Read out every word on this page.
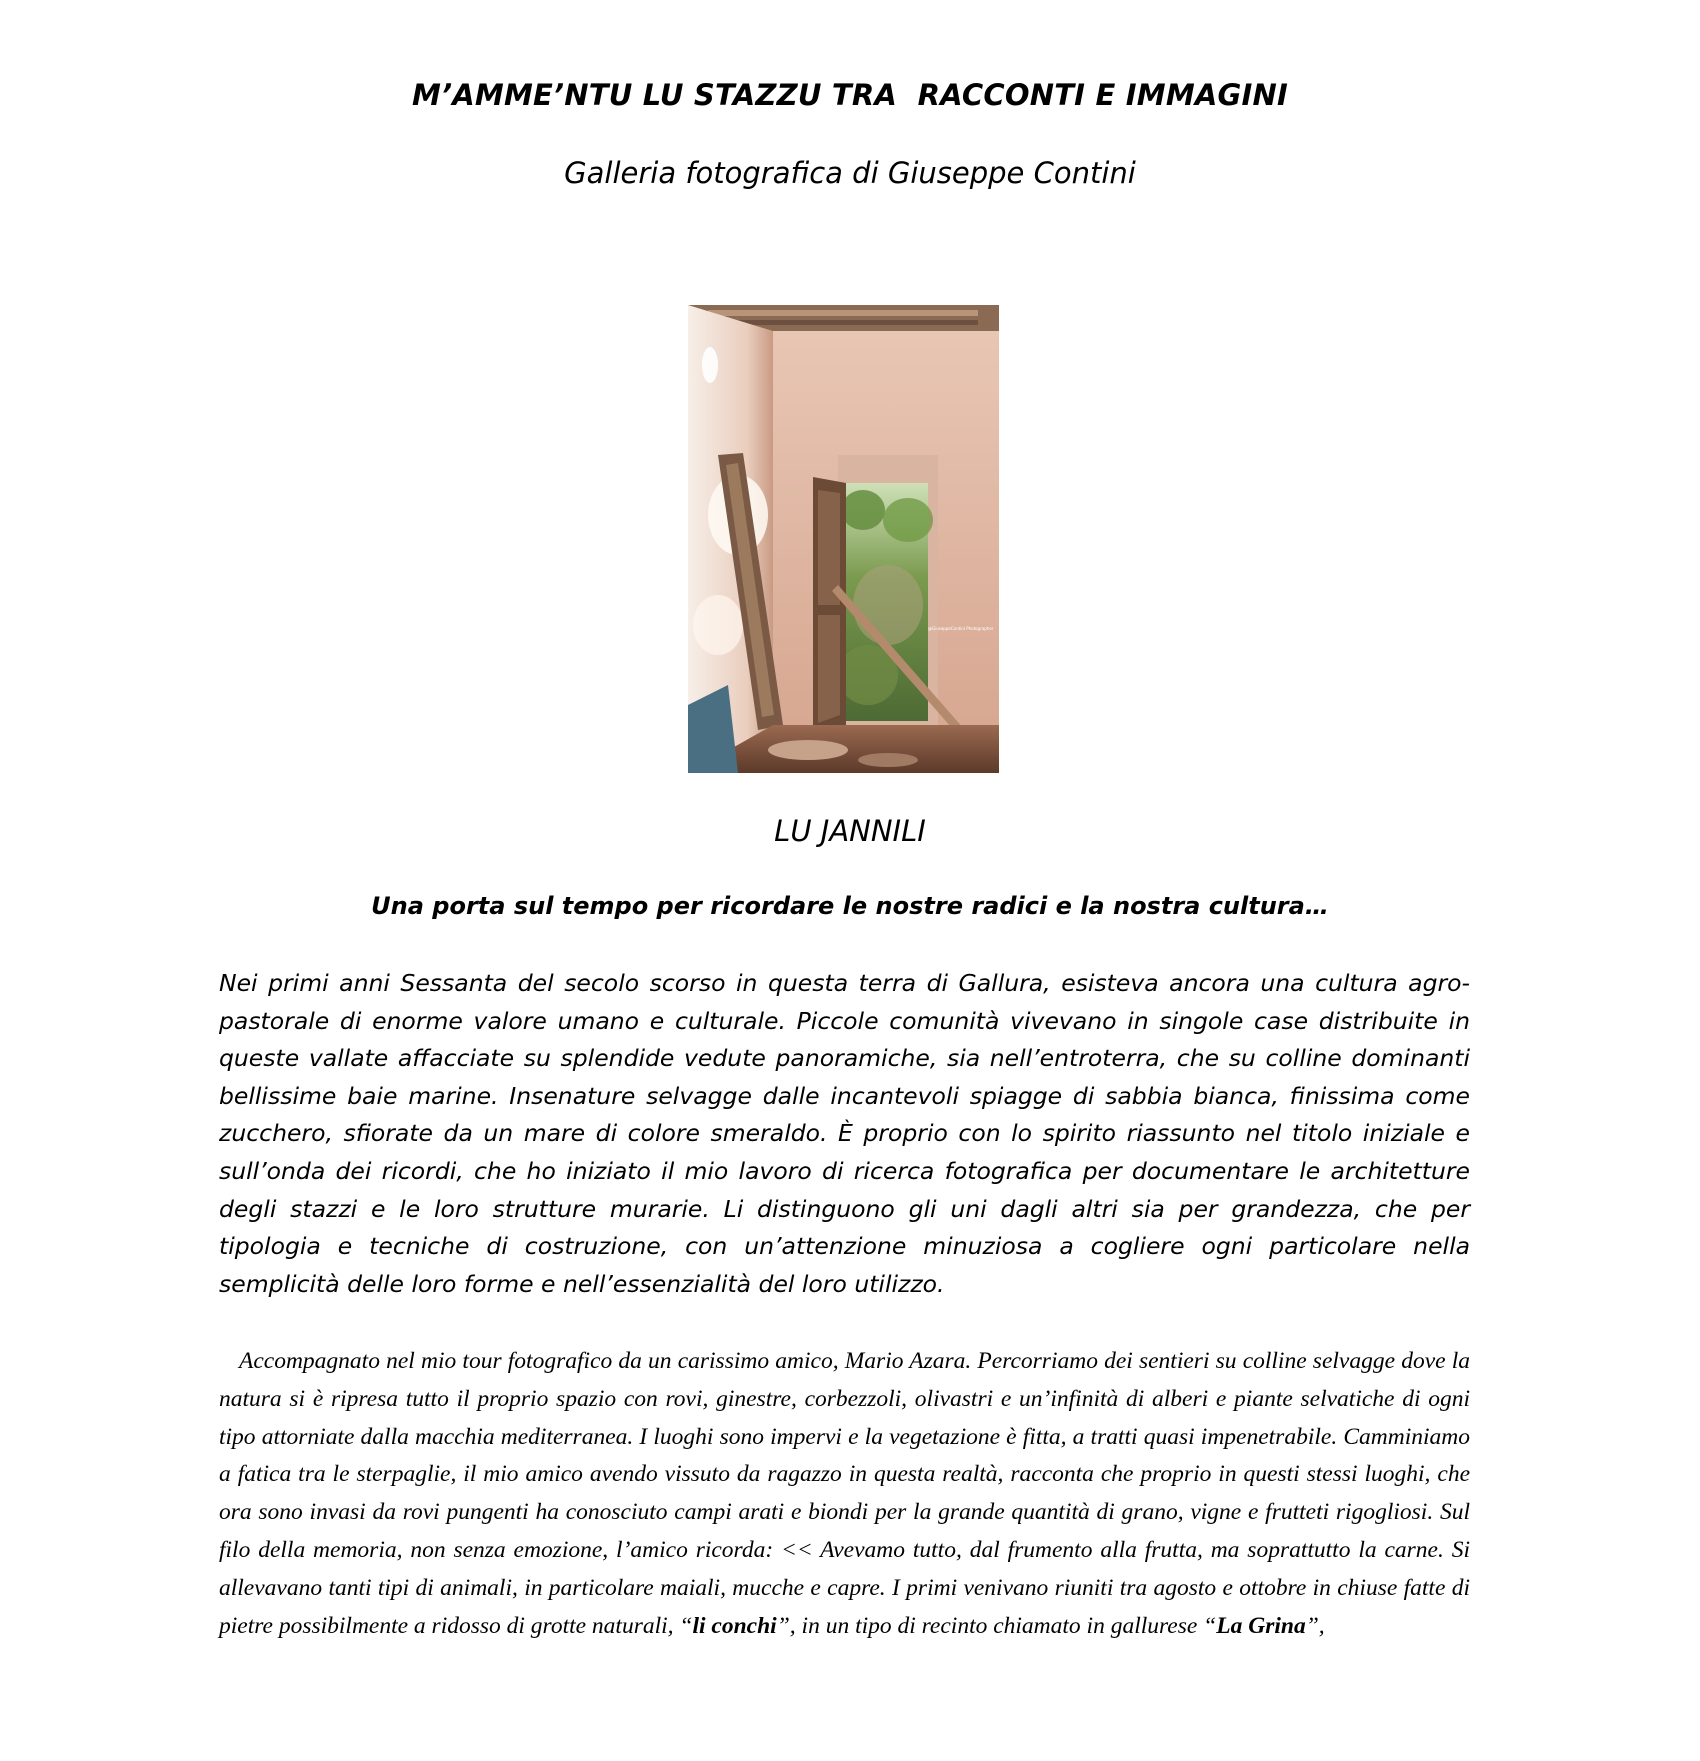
M’AMME’NTU LU STAZZU TRA  RACCONTI E IMMAGINI
Galleria fotografica di Giuseppe Contini
@GiuseppeContini Photographer
LU JANNILI
Una porta sul tempo per ricordare le nostre radici e la nostra cultura…

Nei primi anni Sessanta del secolo scorso in questa terra di Gallura, esisteva ancora una cultura agro-pastorale di enorme valore umano e culturale. Piccole comunità vivevano in singole case distribuite in queste vallate affacciate su splendide vedute panoramiche, sia nell’entroterra, che su colline dominanti bellissime baie marine. Insenature selvagge dalle incantevoli spiagge di sabbia bianca, finissima come zucchero, sfiorate da un mare di colore smeraldo. È proprio con lo spirito riassunto nel titolo iniziale e sull’onda dei ricordi, che ho iniziato il mio lavoro di ricerca fotografica per documentare le architetture degli stazzi e le loro strutture murarie. Li distinguono gli uni dagli altri sia per grandezza, che per tipologia e tecniche di costruzione, con un’attenzione minuziosa a cogliere ogni particolare nella semplicità delle loro forme e nell’essenzialità del loro utilizzo.

Accompagnato nel mio tour fotografico da un carissimo amico, Mario Azara. Percorriamo dei sentieri su colline selvagge dove la natura si è ripresa tutto il proprio spazio con rovi, ginestre, corbezzoli, olivastri e un’infinità di alberi e piante selvatiche di ogni tipo attorniate dalla macchia mediterranea. I luoghi sono impervi e la vegetazione è fitta, a tratti quasi impenetrabile. Camminiamo a fatica tra le sterpaglie, il mio amico avendo vissuto da ragazzo in questa realtà, racconta che proprio in questi stessi luoghi, che ora sono invasi da rovi pungenti ha conosciuto campi arati e biondi per la grande quantità di grano, vigne e frutteti rigogliosi. Sul filo della memoria, non senza emozione, l’amico ricorda: << Avevamo tutto, dal frumento alla frutta, ma soprattutto la carne. Si allevavano tanti tipi di animali, in particolare maiali, mucche e capre. I primi venivano riuniti tra agosto e ottobre in chiuse fatte di pietre possibilmente a ridosso di grotte naturali, “li conchi”, in un tipo di recinto chiamato in gallurese “La Grina”,
